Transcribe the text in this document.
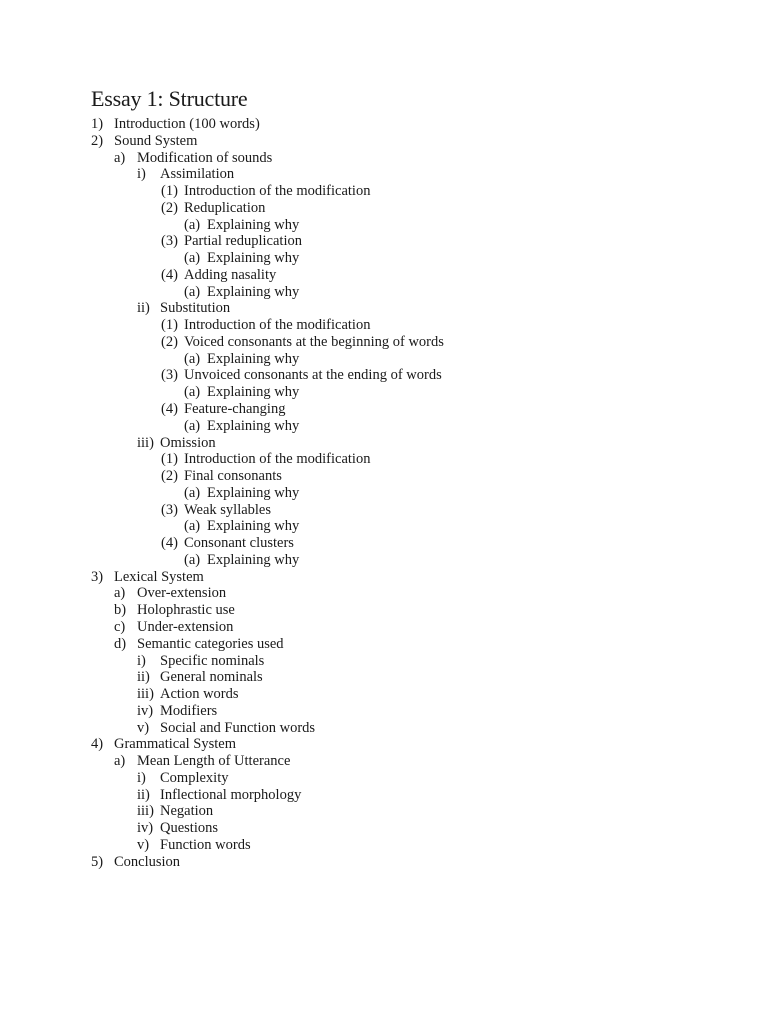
Essay 1: Structure
1) Introduction (100 words)
2) Sound System
a) Modification of sounds
i) Assimilation
(1) Introduction of the modification
(2) Reduplication
(a) Explaining why
(3) Partial reduplication
(a) Explaining why
(4) Adding nasality
(a) Explaining why
ii) Substitution
(1) Introduction of the modification
(2) Voiced consonants at the beginning of words
(a) Explaining why
(3) Unvoiced consonants at the ending of words
(a) Explaining why
(4) Feature-changing
(a) Explaining why
iii) Omission
(1) Introduction of the modification
(2) Final consonants
(a) Explaining why
(3) Weak syllables
(a) Explaining why
(4) Consonant clusters
(a) Explaining why
3) Lexical System
a) Over-extension
b) Holophrastic use
c) Under-extension
d) Semantic categories used
i) Specific nominals
ii) General nominals
iii) Action words
iv) Modifiers
v) Social and Function words
4) Grammatical System
a) Mean Length of Utterance
i) Complexity
ii) Inflectional morphology
iii) Negation
iv) Questions
v) Function words
5) Conclusion
